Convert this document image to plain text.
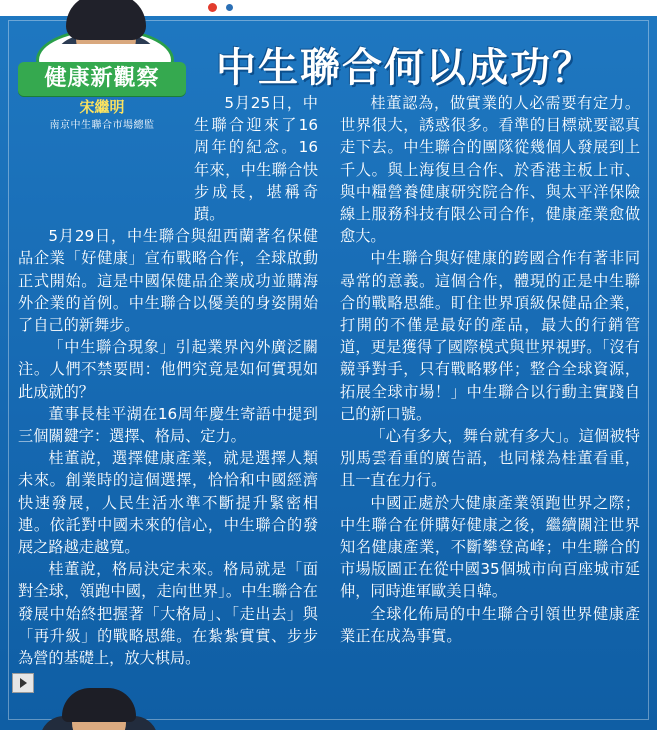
健康新觀察
宋繼明
南京中生聯合市場總監
中生聯合何以成功？

5月25日，中生聯合迎來了16周年的紀念。16年來，中生聯合快步成長，堪稱奇蹟。

5月29日，中生聯合與紐西蘭著名保健品企業「好健康」宣布戰略合作，全球啟動正式開始。這是中國保健品企業成功並購海外企業的首例。中生聯合以優美的身姿開始了自己的新舞步。

「中生聯合現象」引起業界內外廣泛關注。人們不禁要問：他們究竟是如何實現如此成就的？

董事長桂平湖在16周年慶生寄語中提到三個關鍵字：選擇、格局、定力。

桂董說，選擇健康產業，就是選擇人類未來。創業時的這個選擇，恰恰和中國經濟快速發展，人民生活水準不斷提升緊密相連。依託對中國未來的信心，中生聯合的發展之路越走越寬。

桂董說，格局決定未來。格局就是「面對全球，領跑中國，走向世界」。中生聯合在發展中始終把握著「大格局」、「走出去」與「再升級」的戰略思維。在紮紮實實、步步為營的基礎上，放大棋局。

桂董認為，做實業的人必需要有定力。世界很大，誘惑很多。看準的目標就要認真走下去。中生聯合的團隊從幾個人發展到上千人。與上海復旦合作、於香港主板上市、與中糧營養健康研究院合作、與太平洋保險線上服務科技有限公司合作，健康產業愈做愈大。

中生聯合與好健康的跨國合作有著非同尋常的意義。這個合作，體現的正是中生聯合的戰略思維。盯住世界頂級保健品企業，打開的不僅是最好的產品，最大的行銷管道，更是獲得了國際模式與世界視野。「沒有競爭對手，只有戰略夥伴；整合全球資源，拓展全球市場！」中生聯合以行動主實踐自己的新口號。

「心有多大，舞台就有多大」。這個被特別馬雲看重的廣告語，也同樣為桂董看重，且一直在力行。

中國正處於大健康產業領跑世界之際；中生聯合在併購好健康之後，繼續關注世界知名健康產業，不斷攀登高峰；中生聯合的市場版圖正在從中國35個城市向百座城市延伸，同時進軍歐美日韓。

全球化佈局的中生聯合引領世界健康產業正在成為事實。
